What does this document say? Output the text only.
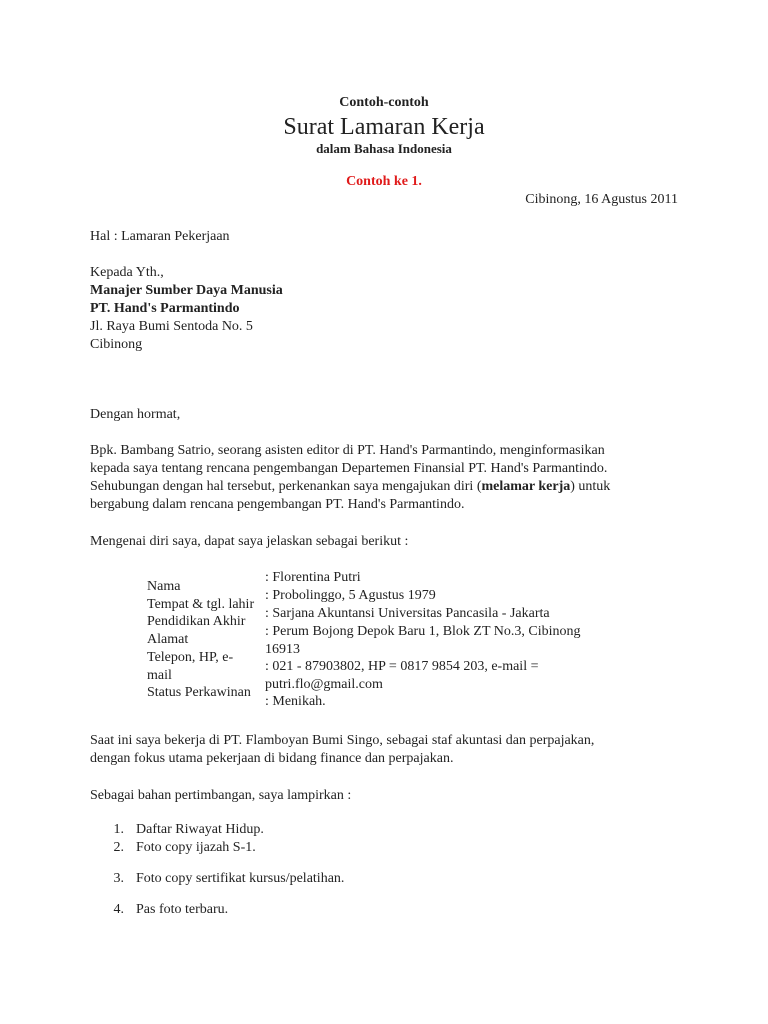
Contoh-contoh
Surat Lamaran Kerja
dalam Bahasa Indonesia
Contoh ke 1.
Cibinong, 16 Agustus 2011
Hal : Lamaran Pekerjaan
Kepada Yth.,
Manajer Sumber Daya Manusia
PT. Hand's Parmantindo
Jl. Raya Bumi Sentoda No. 5
Cibinong
Dengan hormat,
Bpk. Bambang Satrio, seorang asisten editor di PT. Hand's Parmantindo, menginformasikan
kepada saya tentang rencana pengembangan Departemen Finansial PT. Hand's Parmantindo.
Sehubungan dengan hal tersebut, perkenankan saya mengajukan diri (melamar kerja) untuk
bergabung dalam rencana pengembangan PT. Hand's Parmantindo.
Mengenai diri saya, dapat saya jelaskan sebagai berikut :
Nama
Tempat & tgl. lahir
Pendidikan Akhir
Alamat
Telepon, HP, e-
mail
Status Perkawinan
: Florentina Putri
: Probolinggo, 5 Agustus 1979
: Sarjana Akuntansi Universitas Pancasila - Jakarta
: Perum Bojong Depok Baru 1, Blok ZT No.3, Cibinong
16913
: 021 - 87903802, HP = 0817 9854 203, e-mail =
putri.flo@gmail.com
: Menikah.
Saat ini saya bekerja di PT. Flamboyan Bumi Singo, sebagai staf akuntasi dan perpajakan,
dengan fokus utama pekerjaan di bidang finance dan perpajakan.
Sebagai bahan pertimbangan, saya lampirkan :
1. Daftar Riwayat Hidup.
2. Foto copy ijazah S-1.
3. Foto copy sertifikat kursus/pelatihan.
4. Pas foto terbaru.
